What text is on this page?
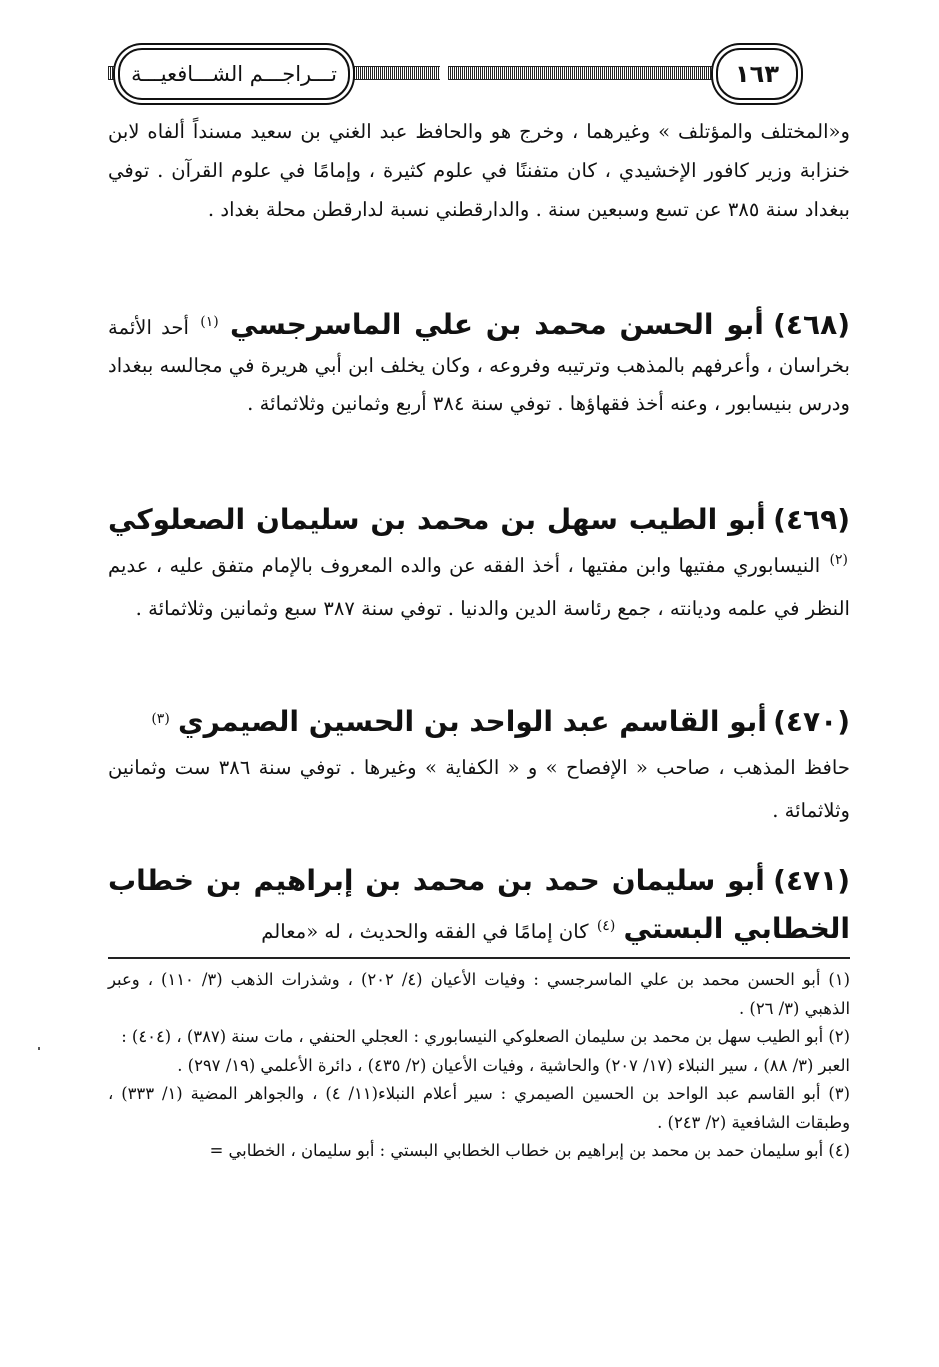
تـــراجـــم الشـــافعيـــة	١٦٣
و«المختلف والمؤتلف » وغيرهما ، وخرج هو والحافظ عبد الغني بن سعيد مسنداً ألفاه لابن خنزابة وزير كافور الإخشيدي ، كان متفننًا في علوم كثيرة ، وإمامًا في علوم القرآن . توفي ببغداد سنة ٣٨٥ عن تسع وسبعين سنة . والدارقطني نسبة لدارقطن محلة بغداد .
(٤٦٨) أبو الحسن محمد بن علي الماسرجسي $^{(١)}$ أحد الأئمة بخراسان ، وأعرفهم بالمذهب وترتيبه وفروعه ، وكان يخلف ابن أبي هريرة في مجالسه ببغداد ودرس بنيسابور ، وعنه أخذ فقهاؤها . توفي سنة ٣٨٤ أربع وثمانين وثلاثمائة .
(٤٦٩) أبو الطيب سهل بن محمد بن سليمان الصعلوكي $^{(٢)}$ النيسابوري مفتيها وابن مفتيها ، أخذ الفقه عن والده المعروف بالإمام متفق عليه ، عديم النظر في علمه وديانته ، جمع رئاسة الدين والدنيا . توفي سنة ٣٨٧ سبع وثمانين وثلاثمائة .
(٤٧٠) أبو القاسم عبد الواحد بن الحسين الصيمري $^{(٣)}$
حافظ المذهب ، صاحب « الإفصاح » و « الكفاية » وغيرها . توفي سنة ٣٨٦ ست وثمانين وثلاثمائة .
(٤٧١) أبو سليمان حمد بن محمد بن إبراهيم بن خطاب الخطابي البستي $^{(٤)}$ كان إمامًا في الفقه والحديث ، له «معالم

(١) أبو الحسن محمد بن علي الماسرجسي : وفيات الأعيان (٤/ ٢٠٢) ، وشذرات الذهب (٣/ ١١٠) ، وعبر الذهبي (٣/ ٢٦) .

(٢) أبو الطيب سهل بن محمد بن سليمان الصعلوكي النيسابوري : العجلي الحنفي ، مات سنة (٣٨٧) ، (٤٠٤) :

العبر (٣/ ٨٨) ، سير النبلاء (١٧/ ٢٠٧) والحاشية ، وفيات الأعيان (٢/ ٤٣٥) ، دائرة الأعلمي (١٩/ ٢٩٧) .

(٣) أبو القاسم عبد الواحد بن الحسين الصيمري : سير أعلام النبلاء(١١/ ٤) ، والجواهر المضية (١/ ٣٣٣) ، وطبقات الشافعية (٢/ ٢٤٣) .

(٤) أبو سليمان حمد بن محمد بن إبراهيم بن خطاب الخطابي البستي : أبو سليمان ، الخطابي =
